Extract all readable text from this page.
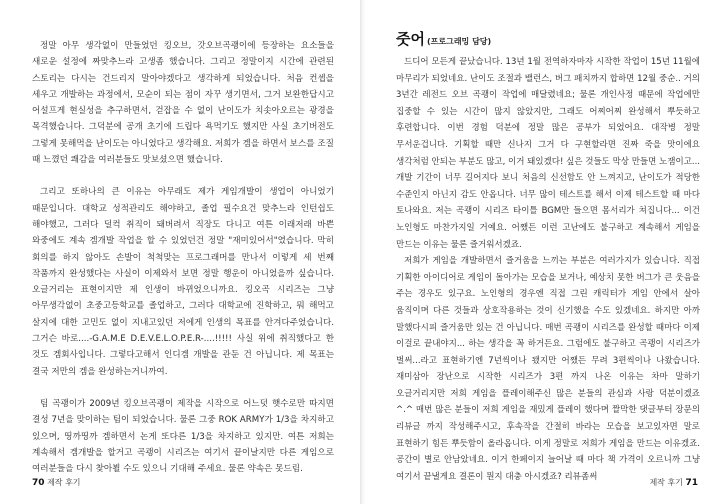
정말 아무 생각없이 만들었던 킹오브, 갓오브곡괭이에 등장하는 요소들을 새로운 설정에 짜맞추느라 고생좀 했습니다. 그리고 정말이지 시간에 관련된 스토리는 다시는 건드리지 말아야겠다고 생각하게 되었습니다. 처음 컨셉을 세우고 개발하는 과정에서, 모순이 되는 점이 자꾸 생기면서, 그거 보완한답시고 어설프게 현실성을 추구하면서, 걷잡을 수 없이 난이도가 치솟아오르는 광경을 목격했습니다. 그덕분에 공개 초기에 드립다 욕먹기도 했지만 사실 초기버전도 그렇게 못해먹을 난이도는 아니었다고 생각해요. 저희가 겜을 하면서 보스를 조질 때 느꼈던 쾌감을 여러분들도 맛보셨으면 했습니다.

그리고 또하나의 큰 이유는 아무래도 제가 게임개발이 생업이 아니었기 때문입니다. 대학교 성적관리도 해야하고, 졸업 필수요건 맞추느라 인턴쉽도 해야했고, 그러다 덜컥 취직이 돼버려서 직장도 다니고 여튼 이래저래 바쁜 와중에도 계속 겜개발 작업을 할 수 있었던건 정말 "재미있어서"였습니다. 막히 회의를 하지 않아도 손발이 척척맞는 프로그래머를 만나서 이렇게 세 번째 작품까지 완성했다는 사실이 이제와서 보면 정말 행운이 아니었을까 싶습니다. 오글거리는 표현이지만 제 인생이 바뀌었으니까요. 킹오곡 시리즈는 그냥 아무생각없이 초중고등학교를 졸업하고, 그러다 대학교에 진학하고, 뭐 해먹고 살지에 대한 고민도 없이 지내고있던 저에게 인생의 목표를 안겨다주었습니다. 그거슨 바로....-G.A.M.E D.E.V.E.L.O.P.E.R-....!!!!! 사실 위에 취직했다고 한 것도 겜회사입니다. 그렇다고해서 인디겜 개발을 관둔 건 아닙니다. 제 목표는 결국 저만의 겜을 완성하는거니까여.

팀 곡괭이가 2009년 킹오브곡괭이 제작을 시작으로 어느덧 햇수로만 따지면 결성 7년을 맞이하는 팀이 되었습니다. 물론 그중 ROK ARMY가 1/3을 차지하고 있으며, 띵까띵까 겜하면서 논게 또다른 1/3을 차지하고 있지만. 여튼 저희는 계속해서 겜개발을 할거고 곡괭이 시리즈는 여기서 끝이날지만 다른 게임으로 여러분들을 다시 찾아뵐 수도 있으니 기대해 주세요. 물론 약속은 못드림.

70 제작 후기
줏어 (프로그래밍 담당)

드디어 모든게 끝났습니다. 13년 1월 전역하자마자 시작한 작업이 15년 11월에 마무리가 되었네요. 난이도 조절과 밸런스, 버그 패치까지 합하면 12월 중순.. 거의 3년간 레전드 오브 곡괭이 작업에 매달렸네요; 물론 개인사정 때문에 작업에만 집중할 수 있는 시간이 많지 않았지만, 그래도 어찌어찌 완성해서 뿌듯하고 후련합니다. 이번 경험 덕분에 정말 많은 공부가 되었어요. 대작병 정말 무서운겁니다. 기획할 때만 신나지 그거 다 구현할라면 진짜 죽을 맛이에요 생각처럼 안되는 부분도 많고, 이거 돼있겠다! 싶은 것들도 막상 만들면 노잼이고... 개발 기간이 너무 길어지다 보니 처음의 신선함도 안 느껴지고, 난이도가 적당한 수준인지 아닌지 감도 안옵니다. 너무 많이 테스트를 해서 이제 테스트할 때 마다 토나와요. 저는 곡괭이 시리즈 타이틀 BGM만 들으면 몸서리가 쳐집니다... 이건 노인형도 마찬가지일 거예요. 어쨌든 이런 고난에도 불구하고 계속해서 게임을 만드는 이유는 물론 즐거워서겠죠.

저희가 게임을 개발하면서 즐거움을 느끼는 부분은 여러가지가 있습니다. 직접 기획한 아이디어로 게임이 돌아가는 모습을 보거나, 예상치 못한 버그가 큰 웃음을 주는 경우도 있구요. 노인형의 경우엔 직접 그린 캐릭터가 게임 안에서 살아 움직이며 다른 것들과 상호작용하는 것이 신기했을 수도 있겠네요. 하지만 아까 말했다시피 즐거움만 있는 건 아닙니다. 매번 곡괭이 시리즈를 완성할 때마다 이제 이걸로 끝내야지... 하는 생각을 꼭 하거든요. 그럼에도 불구하고 곡괭이 시리즈가 벌써...라고 표현하기엔 7년씩이나 됐지만 어쨌든 무려 3편씩이나 나왔습니다. 재미삼아 장난으로 시작한 시리즈가 3편 까지 나온 이유는 차마 말하기 오글거리지만 저희 게임을 플레이해주신 많은 분들의 관심과 사랑 덕분이겠죠 ^.^ 매번 많은 분들이 저희 게임을 재밌게 플레이 했다며 짤막한 댓글부터 장문의 리뷰글 까지 작성해주시고, 후속작을 간절히 바라는 모습을 보고있자면 말로 표현하기 힘든 뿌듯함이 올라옵니다. 이게 정말로 저희가 게임을 만드는 이유겠죠. 공간이 별로 안남았네요. 이거 한페이지 늘어날 때 마다 책 가격이 오르니까 그냥 여기서 끝낼게요 결론이 뭔지 대충 아시겠죠? 리뷰좀써

제작 후기 71
